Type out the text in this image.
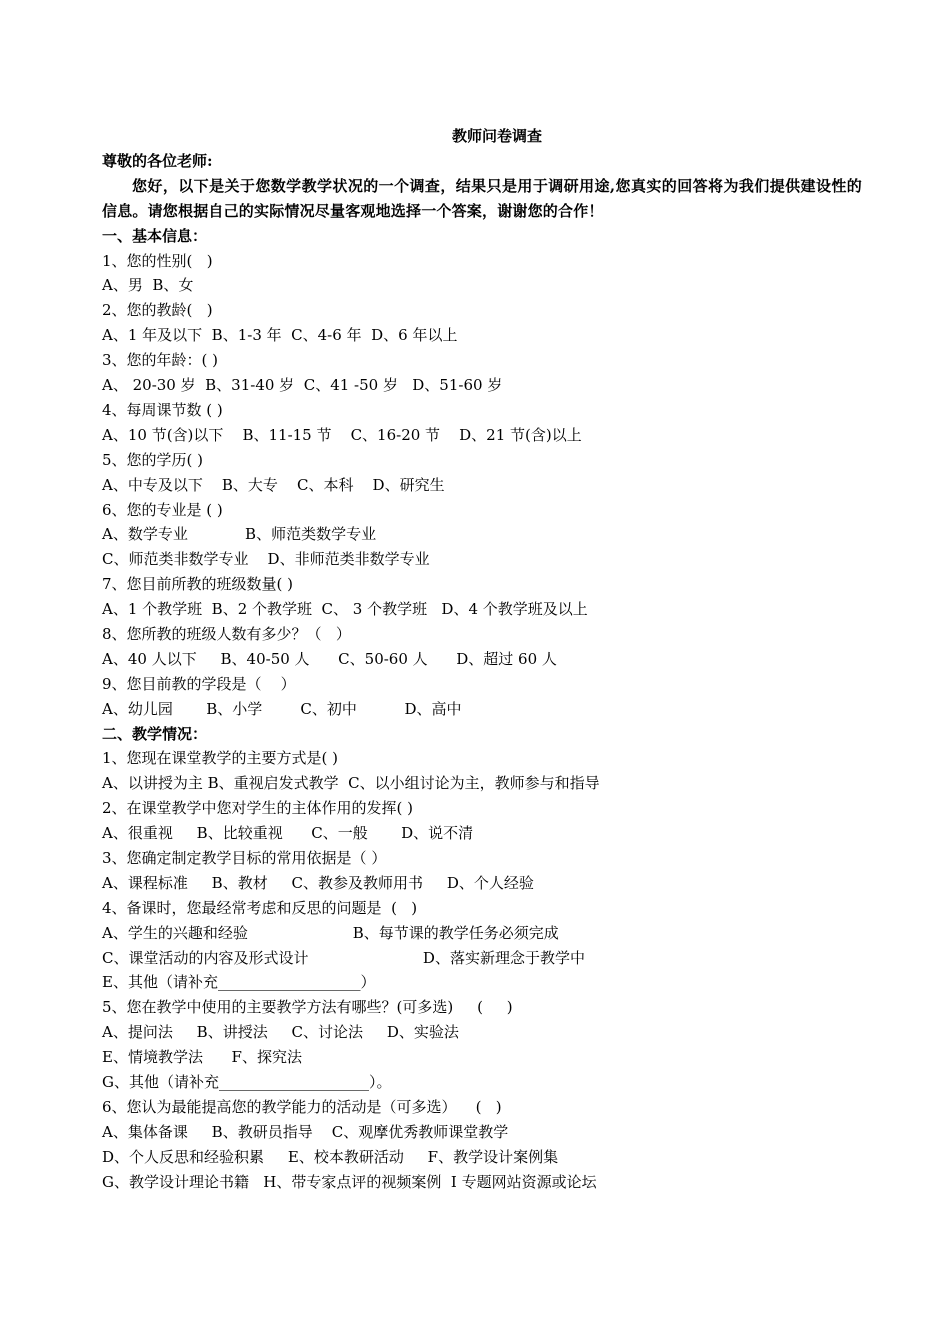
教师问卷调查
尊敬的各位老师:
您好，以下是关于您数学教学状况的一个调查，结果只是用于调研用途,您真实的回答将为我们提供建设性的信息。请您根据自己的实际情况尽量客观地选择一个答案，谢谢您的合作！
一、基本信息：
1、您的性别(   )
A、男  B、女
2、您的教龄(   )
A、1 年及以下  B、1-3 年  C、4-6 年  D、6 年以上
3、您的年龄：( )
A、 20-30 岁  B、31-40 岁  C、41 -50 岁   D、51-60 岁
4、每周课节数 ( )
A、10 节(含)以下    B、11-15 节    C、16-20 节    D、21 节(含)以上
5、您的学历( )
A、中专及以下    B、大专    C、本科    D、研究生
6、您的专业是 ( )
A、数学专业            B、师范类数学专业
C、师范类非数学专业    D、非师范类非数学专业
7、您目前所教的班级数量( )
A、1 个教学班  B、2 个教学班  C、 3 个教学班   D、4 个教学班及以上
8、您所教的班级人数有多少？（   ）
A、40 人以下     B、40-50 人      C、50-60 人      D、超过 60 人
9、您目前教的学段是（    ）
A、幼儿园       B、小学        C、初中          D、高中
二、教学情况：
1、您现在课堂教学的主要方式是( )
A、以讲授为主 B、重视启发式教学  C、以小组讨论为主，教师参与和指导
2、在课堂教学中您对学生的主体作用的发挥( )
A、很重视     B、比较重视      C、一般       D、说不清
3、您确定制定教学目标的常用依据是（ ）
A、课程标准     B、教材     C、教参及教师用书     D、个人经验
4、备课时，您最经常考虑和反思的问题是  (   )
A、学生的兴趣和经验                      B、每节课的教学任务必须完成
C、课堂活动的内容及形式设计                        D、落实新理念于教学中
E、其他（请补充___________________）
5、您在教学中使用的主要教学方法有哪些？(可多选)     (     )
A、提问法     B、讲授法     C、讨论法     D、实验法
E、情境教学法      F、探究法
G、其他（请补充____________________）。
6、您认为最能提高您的教学能力的活动是（可多选）    (   )
A、集体备课     B、教研员指导    C、观摩优秀教师课堂教学
D、个人反思和经验积累     E、校本教研活动     F、教学设计案例集
G、教学设计理论书籍   H、带专家点评的视频案例  I 专题网站资源或论坛
